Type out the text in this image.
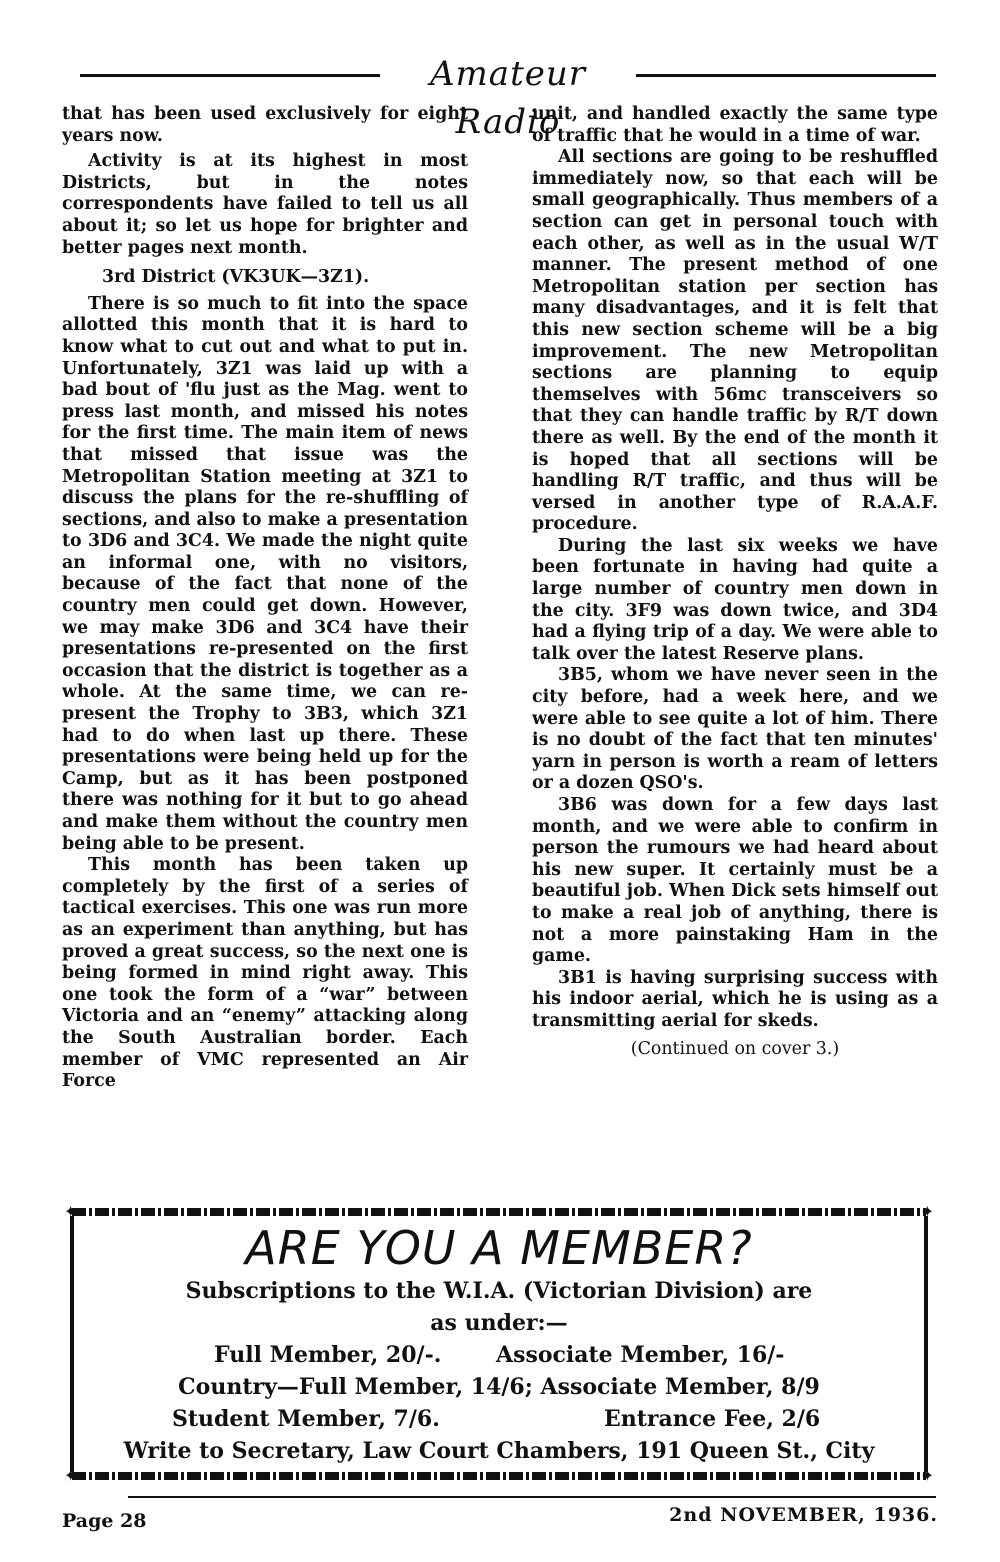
Amateur Radio

that has been used exclusively for eight years now.

Activity is at its highest in most Districts, but in the notes correspondents have failed to tell us all about it; so let us hope for brighter and better pages next month.

3rd District (VK3UK—3Z1).

There is so much to fit into the space allotted this month that it is hard to know what to cut out and what to put in. Unfortunately, 3Z1 was laid up with a bad bout of 'flu just as the Mag. went to press last month, and missed his notes for the first time. The main item of news that missed that issue was the Metropolitan Station meeting at 3Z1 to discuss the plans for the re-shuffling of sections, and also to make a presentation to 3D6 and 3C4. We made the night quite an informal one, with no visitors, because of the fact that none of the country men could get down. However, we may make 3D6 and 3C4 have their presentations re-presented on the first occasion that the district is together as a whole. At the same time, we can re-present the Trophy to 3B3, which 3Z1 had to do when last up there. These presentations were being held up for the Camp, but as it has been postponed there was nothing for it but to go ahead and make them without the country men being able to be present.

This month has been taken up completely by the first of a series of tactical exercises. This one was run more as an experiment than anything, but has proved a great success, so the next one is being formed in mind right away. This one took the form of a “war” between Victoria and an “enemy” attacking along the South Australian border. Each member of VMC represented an Air Force

unit, and handled exactly the same type of traffic that he would in a time of war.

All sections are going to be reshuffled immediately now, so that each will be small geographically. Thus members of a section can get in personal touch with each other, as well as in the usual W/T manner. The present method of one Metropolitan station per section has many disadvantages, and it is felt that this new section scheme will be a big improvement. The new Metropolitan sections are planning to equip themselves with 56mc transceivers so that they can handle traffic by R/T down there as well. By the end of the month it is hoped that all sections will be handling R/T traffic, and thus will be versed in another type of R.A.A.F. procedure.

During the last six weeks we have been fortunate in having had quite a large number of country men down in the city. 3F9 was down twice, and 3D4 had a flying trip of a day. We were able to talk over the latest Reserve plans.

3B5, whom we have never seen in the city before, had a week here, and we were able to see quite a lot of him. There is no doubt of the fact that ten minutes' yarn in person is worth a ream of letters or a dozen QSO's.

3B6 was down for a few days last month, and we were able to confirm in person the rumours we had heard about his new super. It certainly must be a beautiful job. When Dick sets himself out to make a real job of anything, there is not a more painstaking Ham in the game.

3B1 is having surprising success with his indoor aerial, which he is using as a transmitting aerial for skeds.

(Continued on cover 3.)

✦	✦
✦	✦
ARE YOU A MEMBER?
Subscriptions to the W.I.A. (Victorian Division) are
as under:—
Full Member, 20/-. Associate Member, 16/-
Country—Full Member, 14/6; Associate Member, 8/9
Student Member, 7/6.	Entrance Fee, 2/6
Write to Secretary, Law Court Chambers, 191 Queen St., City
Page 28	2nd NOVEMBER, 1936.
